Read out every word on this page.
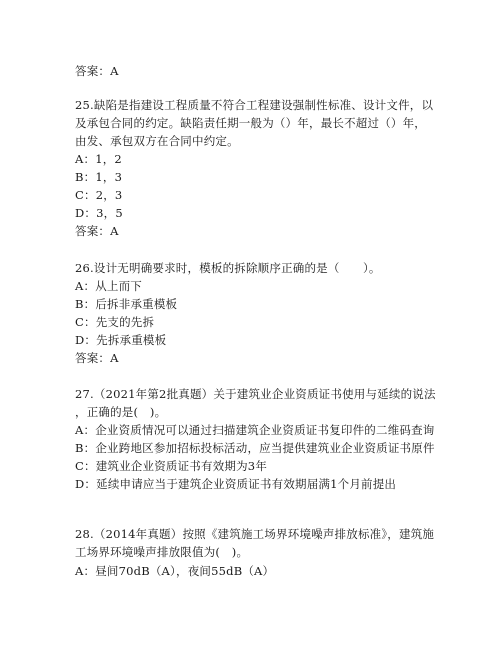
答案：A
25.缺陷是指建设工程质量不符合工程建设强制性标准、设计文件，以
及承包合同的约定。缺陷责任期一般为（）年，最长不超过（）年，
由发、承包双方在合同中约定。
A：1，2
B：1，3
C：2，3
D：3，5
答案：A
26.设计无明确要求时，模板的拆除顺序正确的是（　　）。
A：从上而下
B：后拆非承重模板
C：先支的先拆
D：先拆承重模板
答案：A
27.（2021年第2批真题）关于建筑业企业资质证书使用与延续的说法
，正确的是(　)。
A：企业资质情况可以通过扫描建筑企业资质证书复印件的二维码查询
B：企业跨地区参加招标投标活动，应当提供建筑业企业资质证书原件
C：建筑业企业资质证书有效期为3年
D：延续申请应当于建筑企业资质证书有效期届满1个月前提出
28.（2014年真题）按照《建筑施工场界环境噪声排放标准》，建筑施
工场界环境噪声排放限值为(　)。
A：昼间70dB（A），夜间55dB（A）
